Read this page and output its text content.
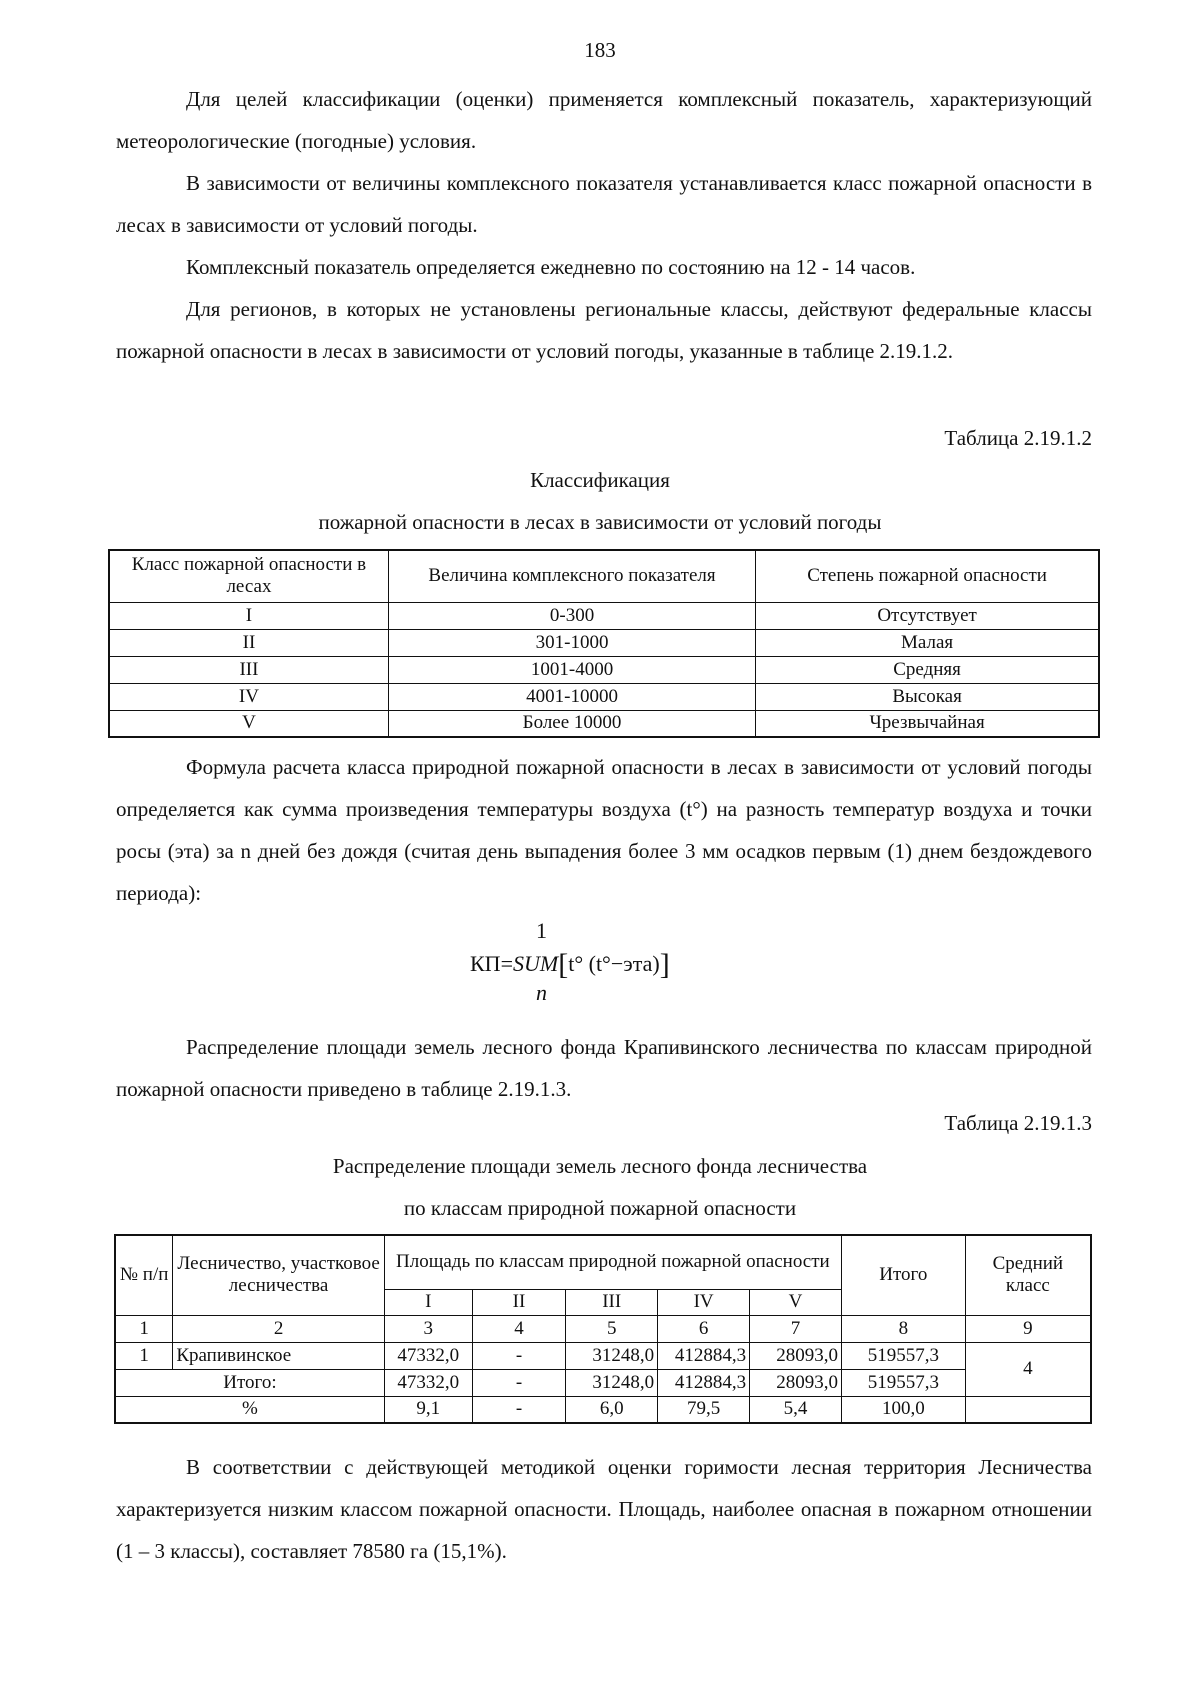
183

Для целей классификации (оценки) применяется комплексный показатель, характеризующий метеорологические (погодные) условия.

В зависимости от величины комплексного показателя устанавливается класс пожарной опасности в лесах в зависимости от условий погоды.

Комплексный показатель определяется ежедневно по состоянию на 12 - 14 часов.

Для регионов, в которых не установлены региональные классы, действуют федеральные классы пожарной опасности в лесах в зависимости от условий погоды, указанные в таблице 2.19.1.2.

Таблица 2.19.1.2
Классификация
пожарной опасности в лесах в зависимости от условий погоды
Класс пожарной опасности в лесах	Величина комплексного показателя	Степень пожарной опасности
I	0-300	Отсутствует
II	301-1000	Малая
III	1001-4000	Средняя
IV	4001-10000	Высокая
V	Более 10000	Чрезвычайная

Формула расчета класса природной пожарной опасности в лесах в зависимости от условий погоды определяется как сумма произведения температуры воздуха (t°) на разность температур воздуха и точки росы (эта) за n дней без дождя (считая день выпадения более 3 мм осадков первым (1) днем бездождевого периода):

1
КП=SUM[t° (t°−эта)]
n

Распределение площади земель лесного фонда Крапивинского лесничества по классам природной пожарной опасности приведено в таблице 2.19.1.3.

Таблица 2.19.1.3
Распределение площади земель лесного фонда лесничества
по классам природной пожарной опасности
№ п/п	Лесничество, участковое лесничества	Площадь по классам природной пожарной опасности					Итого	Средний класс
		I	II	III	IV	V		
1	2	3	4	5	6	7	8	9
1	Крапивинское	47332,0	-	31248,0	412884,3	28093,0	519557,3	4
Итого:		47332,0	-	31248,0	412884,3	28093,0	519557,3	
%		9,1	-	6,0	79,5	5,4	100,0	

В соответствии с действующей методикой оценки горимости лесная территория Лесничества характеризуется низким классом пожарной опасности. Площадь, наиболее опасная в пожарном отношении (1 – 3 классы), составляет 78580 га (15,1%).
